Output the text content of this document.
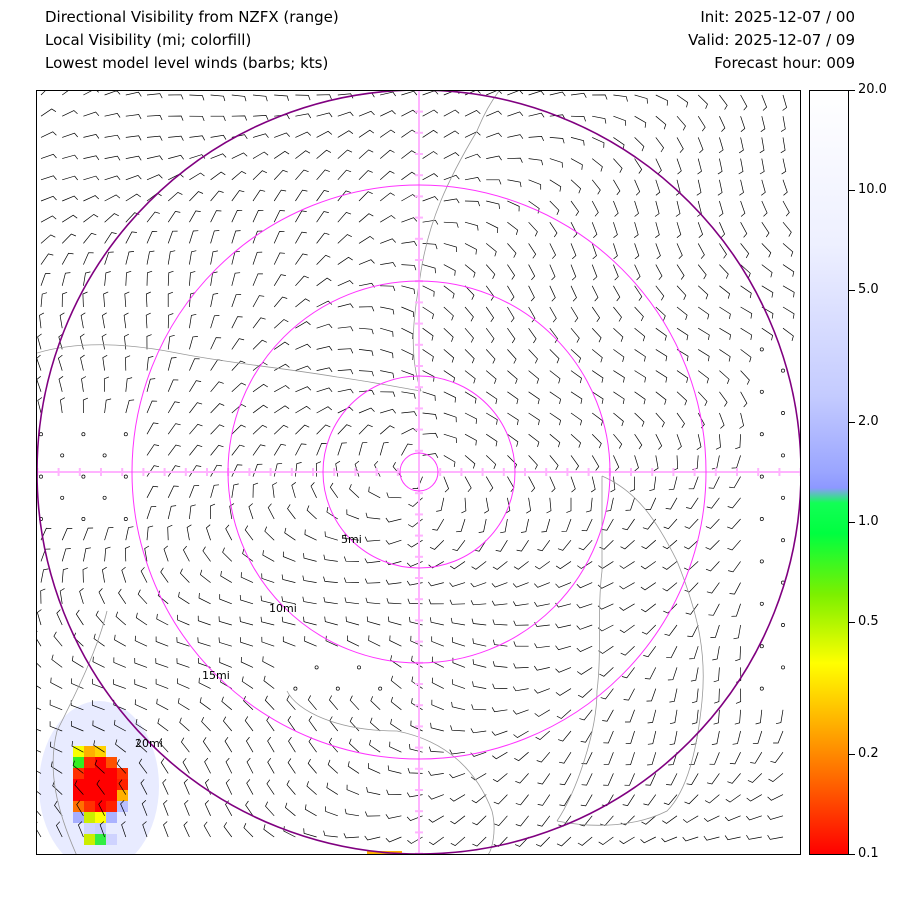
Directional Visibility from NZFX (range)
Local Visibility (mi; colorfill)
Lowest model level winds (barbs; kts)
Init: 2025-12-07 / 00
Valid: 2025-12-07 / 09
Forecast hour: 009
5mi
10mi
15mi
20mi
20.0
10.0
5.0
2.0
1.0
0.5
0.2
0.1
